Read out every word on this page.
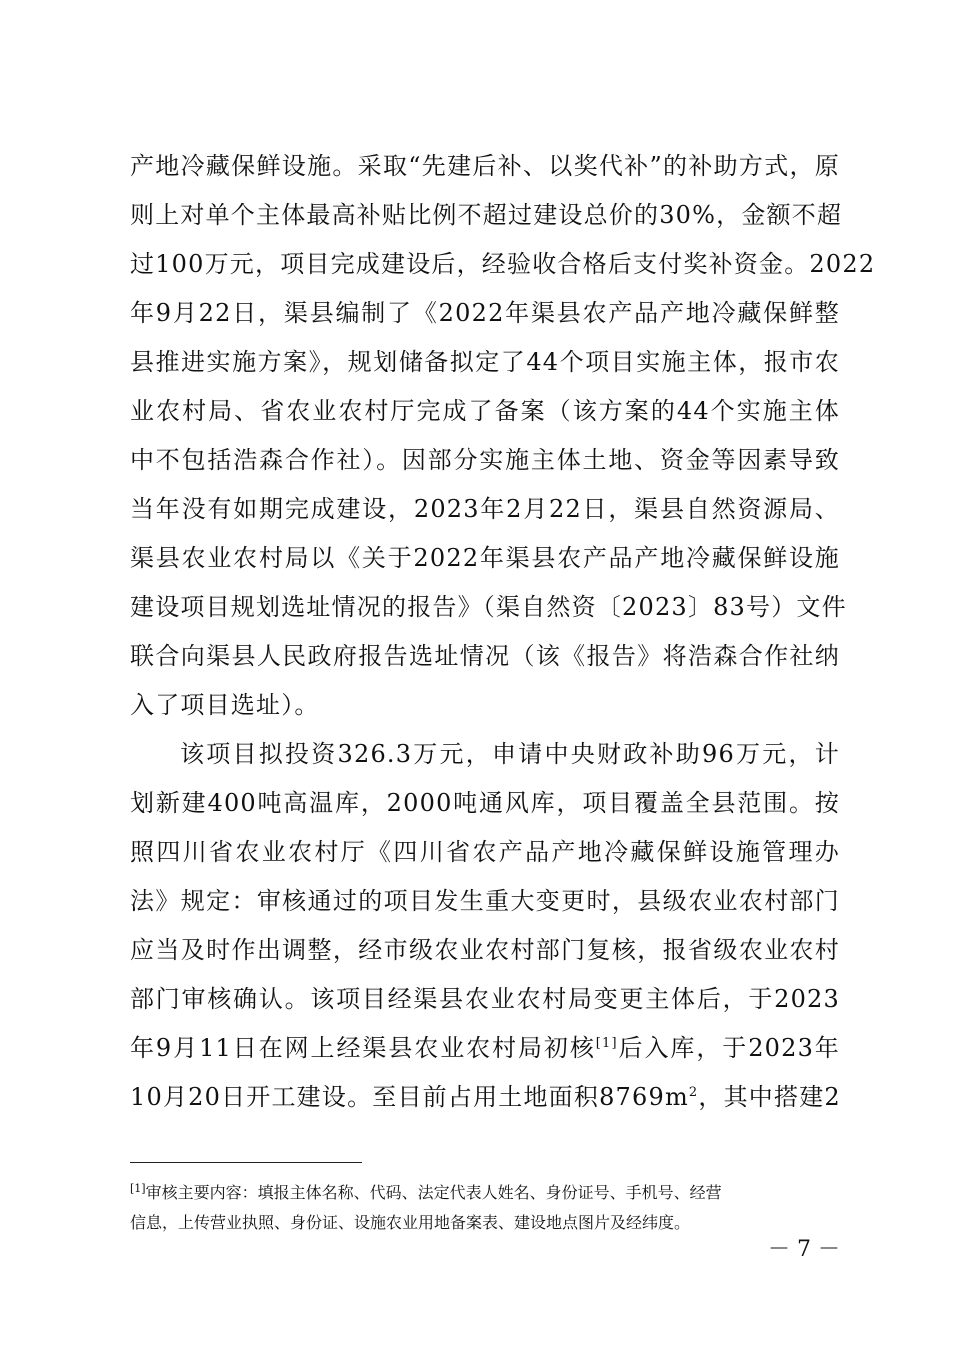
产地冷藏保鲜设施。采取“先建后补、以奖代补”的补助方式，原
则上对单个主体最高补贴比例不超过建设总价的30%，金额不超
过100万元，项目完成建设后，经验收合格后支付奖补资金。2022
年9月22日，渠县编制了《2022年渠县农产品产地冷藏保鲜整
县推进实施方案》，规划储备拟定了44个项目实施主体，报市农
业农村局、省农业农村厅完成了备案（该方案的44个实施主体
中不包括浩森合作社）。因部分实施主体土地、资金等因素导致
当年没有如期完成建设，2023年2月22日，渠县自然资源局、
渠县农业农村局以《关于2022年渠县农产品产地冷藏保鲜设施
建设项目规划选址情况的报告》（渠自然资〔2023〕83号）文件
联合向渠县人民政府报告选址情况（该《报告》将浩森合作社纳
入了项目选址）。
该项目拟投资326.3万元，申请中央财政补助96万元，计
划新建400吨高温库，2000吨通风库，项目覆盖全县范围。按
照四川省农业农村厅《四川省农产品产地冷藏保鲜设施管理办
法》规定：审核通过的项目发生重大变更时，县级农业农村部门
应当及时作出调整，经市级农业农村部门复核，报省级农业农村
部门审核确认。该项目经渠县农业农村局变更主体后，于2023
年9月11日在网上经渠县农业农村局初核[1]后入库，于2023年
10月20日开工建设。至目前占用土地面积$8769m^2$，其中搭建2
[1]审核主要内容：填报主体名称、代码、法定代表人姓名、身份证号、手机号、经营
信息，上传营业执照、身份证、设施农业用地备案表、建设地点图片及经纬度。
－ 7 －
